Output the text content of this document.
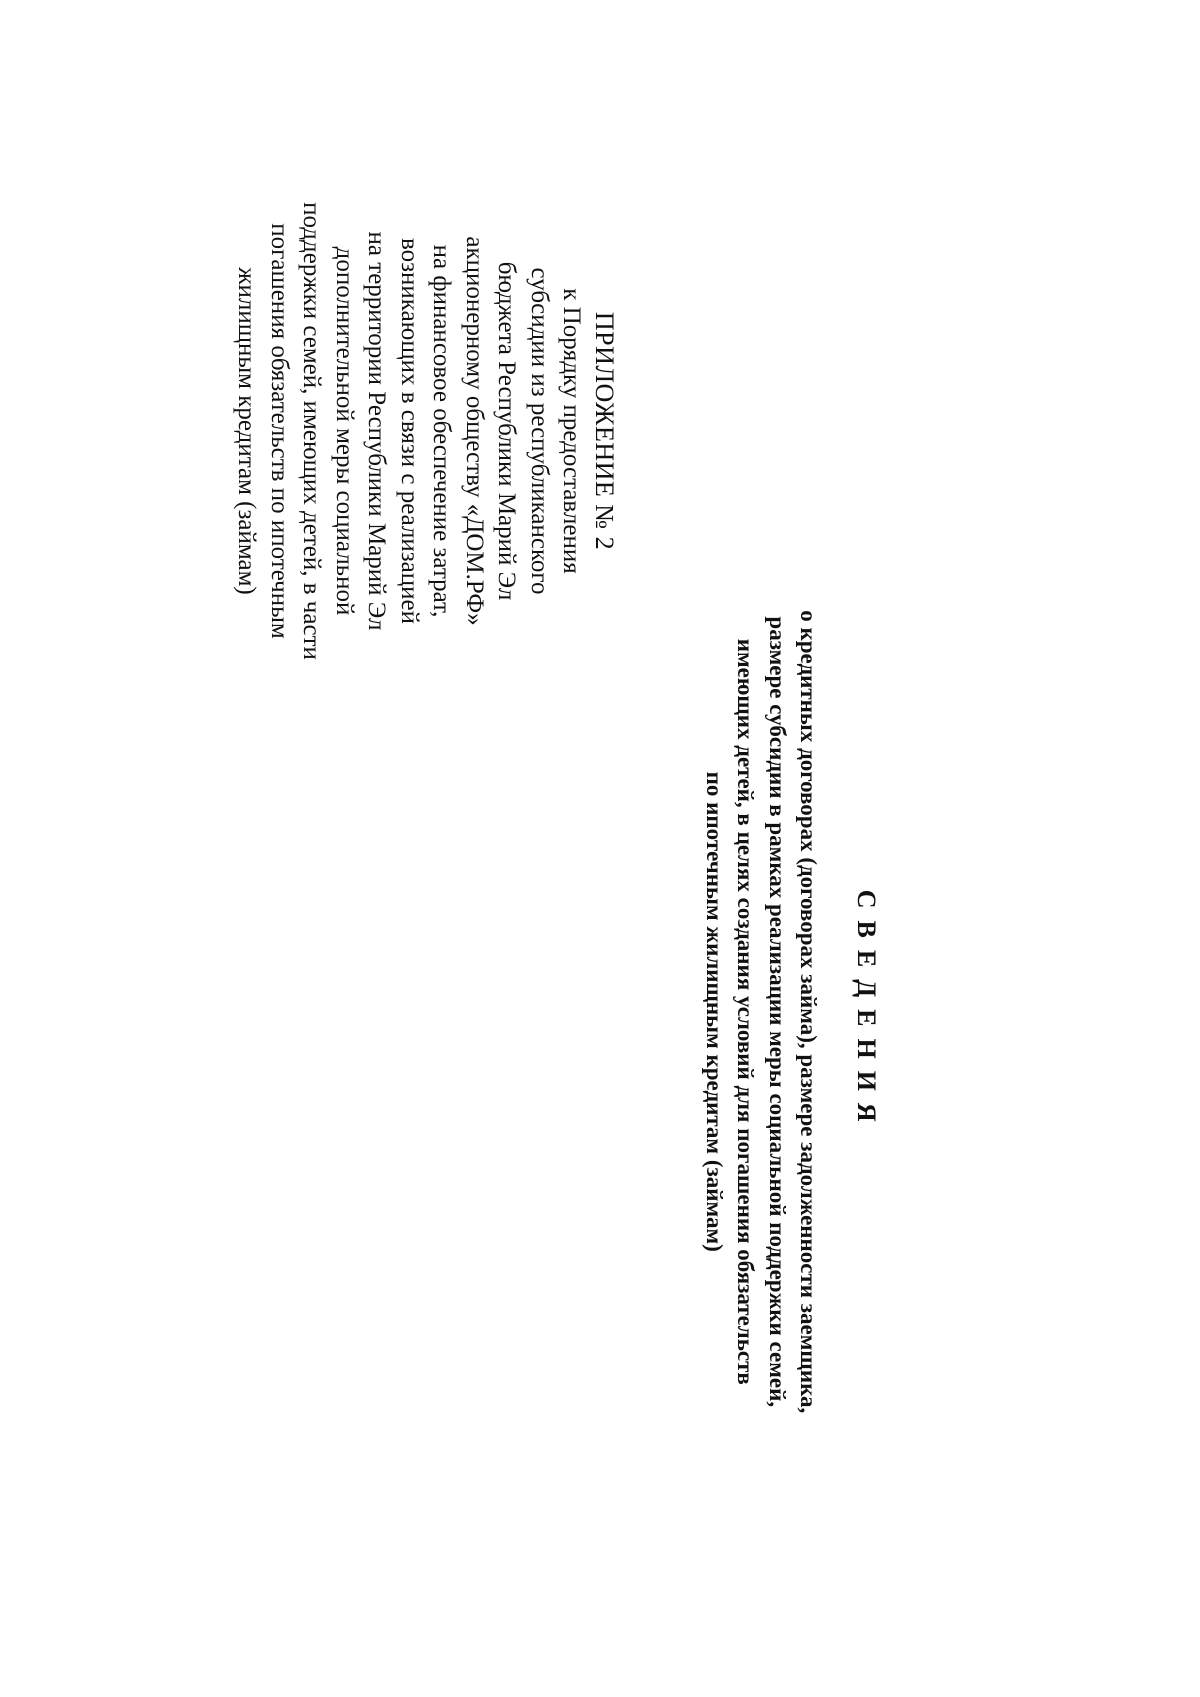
ПРИЛОЖЕНИЕ № 2
к Порядку предоставления
субсидии из республиканского
бюджета Республики Марий Эл
акционерному обществу «ДОМ.РФ»
на финансовое обеспечение затрат,
возникающих в связи с реализацией
на территории Республики Марий Эл
дополнительной меры социальной
поддержки семей, имеющих детей, в части
погашения обязательств по ипотечным
жилищным кредитам (займам)
СВЕДЕНИЯ
о кредитных договорах (договорах займа), размере задолженности заемщика,
размере субсидии в рамках реализации меры социальной поддержки семей,
имеющих детей, в целях создания условий для погашения обязательств
по ипотечным жилищным кредитам (займам)
